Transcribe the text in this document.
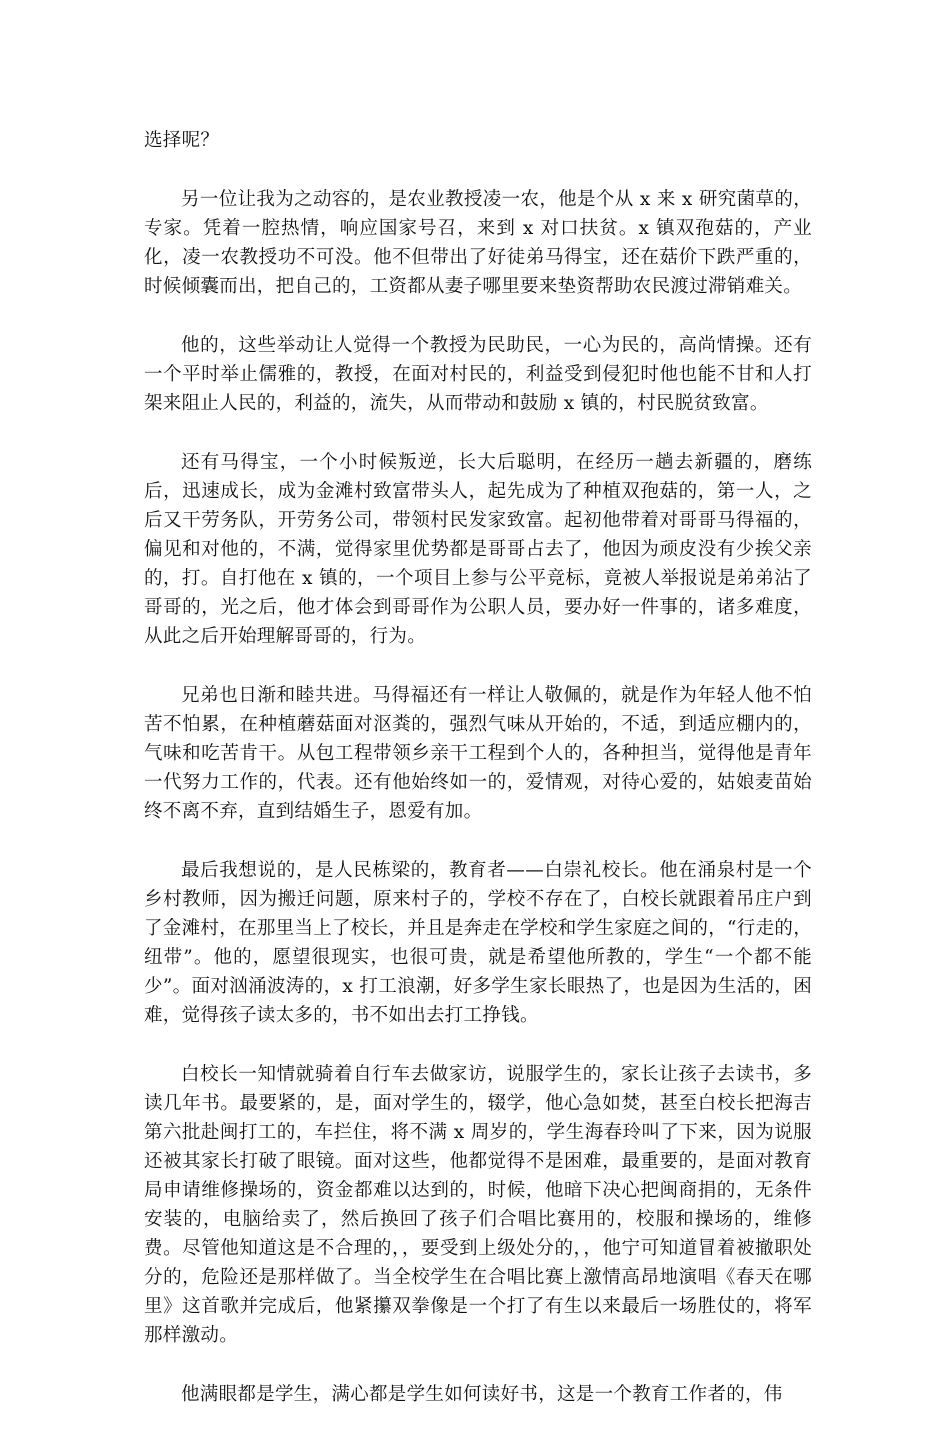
选择呢？

另一位让我为之动容的，是农业教授凌一农，他是个从 x 来 x 研究菌草的，专家。凭着一腔热情，响应国家号召，来到 x 对口扶贫。x 镇双孢菇的，产业化，凌一农教授功不可没。他不但带出了好徒弟马得宝，还在菇价下跌严重的，时候倾囊而出，把自己的，工资都从妻子哪里要来垫资帮助农民渡过滞销难关。

他的，这些举动让人觉得一个教授为民助民，一心为民的，高尚情操。还有一个平时举止儒雅的，教授，在面对村民的，利益受到侵犯时他也能不甘和人打架来阻止人民的，利益的，流失，从而带动和鼓励 x 镇的，村民脱贫致富。

还有马得宝，一个小时候叛逆，长大后聪明，在经历一趟去新疆的，磨练后，迅速成长，成为金滩村致富带头人，起先成为了种植双孢菇的，第一人，之后又干劳务队，开劳务公司，带领村民发家致富。起初他带着对哥哥马得福的，偏见和对他的，不满，觉得家里优势都是哥哥占去了，他因为顽皮没有少挨父亲的，打。自打他在 x 镇的，一个项目上参与公平竞标，竟被人举报说是弟弟沾了哥哥的，光之后，他才体会到哥哥作为公职人员，要办好一件事的，诸多难度，从此之后开始理解哥哥的，行为。

兄弟也日渐和睦共进。马得福还有一样让人敬佩的，就是作为年轻人他不怕苦不怕累，在种植蘑菇面对沤粪的，强烈气味从开始的，不适，到适应棚内的，气味和吃苦肯干。从包工程带领乡亲干工程到个人的，各种担当，觉得他是青年一代努力工作的，代表。还有他始终如一的，爱情观，对待心爱的，姑娘麦苗始终不离不弃，直到结婚生子，恩爱有加。

最后我想说的，是人民栋梁的，教育者——白崇礼校长。他在涌泉村是一个乡村教师，因为搬迁问题，原来村子的，学校不存在了，白校长就跟着吊庄户到了金滩村，在那里当上了校长，并且是奔走在学校和学生家庭之间的，“行走的，纽带”。他的，愿望很现实，也很可贵，就是希望他所教的，学生“一个都不能少”。面对汹涌波涛的，x 打工浪潮，好多学生家长眼热了，也是因为生活的，困难，觉得孩子读太多的，书不如出去打工挣钱。

白校长一知情就骑着自行车去做家访，说服学生的，家长让孩子去读书，多读几年书。最要紧的，是，面对学生的，辍学，他心急如焚，甚至白校长把海吉第六批赴闽打工的，车拦住，将不满 x 周岁的，学生海春玲叫了下来，因为说服还被其家长打破了眼镜。面对这些，他都觉得不是困难，最重要的，是面对教育局申请维修操场的，资金都难以达到的，时候，他暗下决心把闽商捐的，无条件安装的，电脑给卖了，然后换回了孩子们合唱比赛用的，校服和操场的，维修费。尽管他知道这是不合理的，，要受到上级处分的，，他宁可知道冒着被撤职处分的，危险还是那样做了。当全校学生在合唱比赛上激情高昂地演唱《春天在哪里》这首歌并完成后，他紧攥双拳像是一个打了有生以来最后一场胜仗的，将军那样激动。

他满眼都是学生，满心都是学生如何读好书，这是一个教育工作者的，伟
